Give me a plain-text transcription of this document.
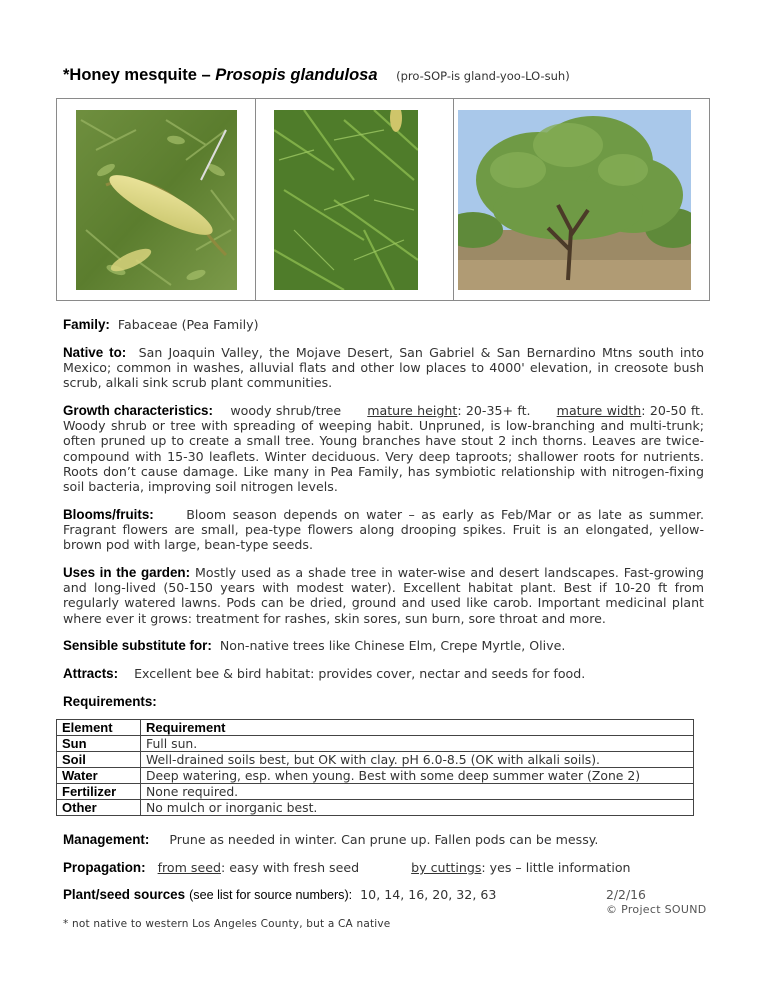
*Honey mesquite – Prosopis glandulosa (pro-SOP-is gland-yoo-LO-suh)
Family: Fabaceae (Pea Family)
Native to: San Joaquin Valley, the Mojave Desert, San Gabriel & San Bernardino Mtns south into Mexico; common in washes, alluvial flats and other low places to 4000' elevation, in creosote bush scrub, alkali sink scrub plant communities.
Growth characteristics: woody shrub/tree mature height: 20-35+ ft. mature width: 20-50 ft. Woody shrub or tree with spreading of weeping habit. Unpruned, is low-branching and multi-trunk; often pruned up to create a small tree. Young branches have stout 2 inch thorns. Leaves are twice-compound with 15-30 leaflets. Winter deciduous. Very deep taproots; shallower roots for nutrients. Roots don’t cause damage. Like many in Pea Family, has symbiotic relationship with nitrogen-fixing soil bacteria, improving soil nitrogen levels.
Blooms/fruits:	Bloom season depends on water – as early as Feb/Mar or as late as summer. Fragrant flowers are small, pea-type flowers along drooping spikes. Fruit is an elongated, yellow-brown pod with large, bean-type seeds.
Uses in the garden: Mostly used as a shade tree in water-wise and desert landscapes. Fast-growing and long-lived (50-150 years with modest water). Excellent habitat plant. Best if 10-20 ft from regularly watered lawns. Pods can be dried, ground and used like carob. Important medicinal plant where ever it grows: treatment for rashes, skin sores, sun burn, sore throat and more.
Sensible substitute for: Non-native trees like Chinese Elm, Crepe Myrtle, Olive.
Attracts: Excellent bee & bird habitat: provides cover, nectar and seeds for food.
Requirements:
Element	Requirement
Sun	Full sun.
Soil	Well-drained soils best, but OK with clay. pH 6.0-8.5 (OK with alkali soils).
Water	Deep watering, esp. when young. Best with some deep summer water (Zone 2)
Fertilizer	None required.
Other	No mulch or inorganic best.
Management: Prune as needed in winter. Can prune up. Fallen pods can be messy.
Propagation: from seed: easy with fresh seed	by cuttings: yes – little information
Plant/seed sources (see list for source numbers): 10, 14, 16, 20, 32, 63	2/2/16
© Project SOUND
* not native to western Los Angeles County, but a CA native
